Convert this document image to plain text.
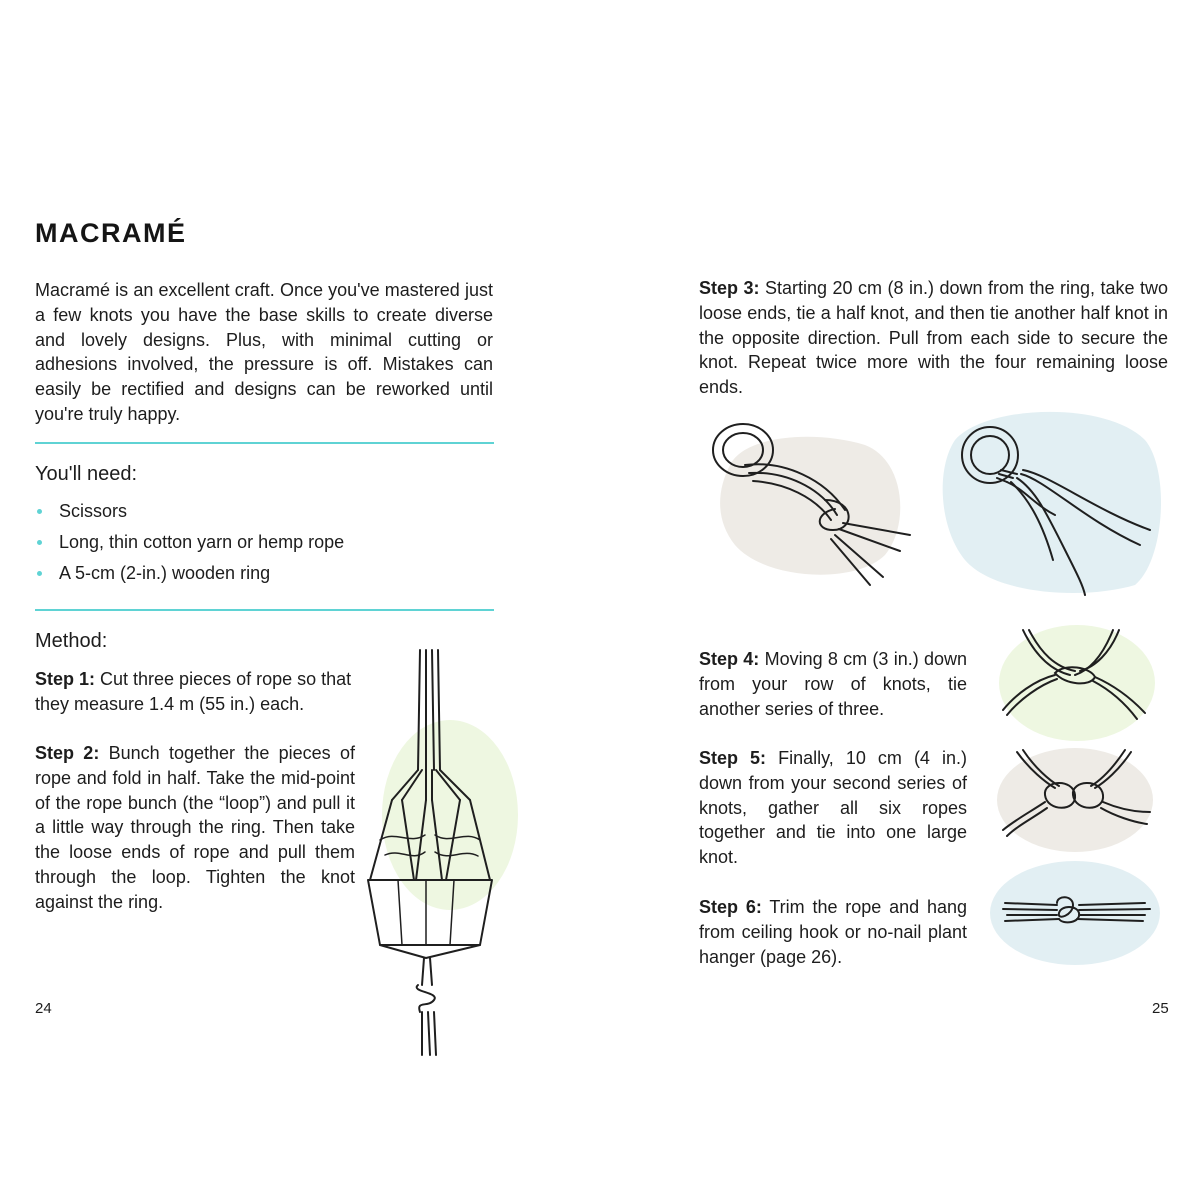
MACRAMÉ
Macramé is an excellent craft. Once you've mastered just a few knots you have the base skills to create diverse and lovely designs. Plus, with minimal cutting or adhesions involved, the pressure is off. Mistakes can easily be rectified and designs can be reworked until you're truly happy.
You'll need:
Scissors
Long, thin cotton yarn or hemp rope
A 5-cm (2-in.) wooden ring
Method:
Step 1: Cut three pieces of rope so that they measure 1.4 m (55 in.) each.
Step 2: Bunch together the pieces of rope and fold in half. Take the mid-point of the rope bunch (the “loop”) and pull it a little way through the ring. Then take the loose ends of rope and pull them through the loop. Tighten the knot against the ring.
24
Step 3: Starting 20 cm (8 in.) down from the ring, take two loose ends, tie a half knot, and then tie another half knot in the opposite direction. Pull from each side to secure the knot. Repeat twice more with the four remaining loose ends.
Step 4: Moving 8 cm (3 in.) down from your row of knots, tie another series of three.
Step 5: Finally, 10 cm (4 in.) down from your second series of knots, gather all six ropes together and tie into one large knot.
Step 6: Trim the rope and hang from ceiling hook or no-nail plant hanger (page 26).
25
